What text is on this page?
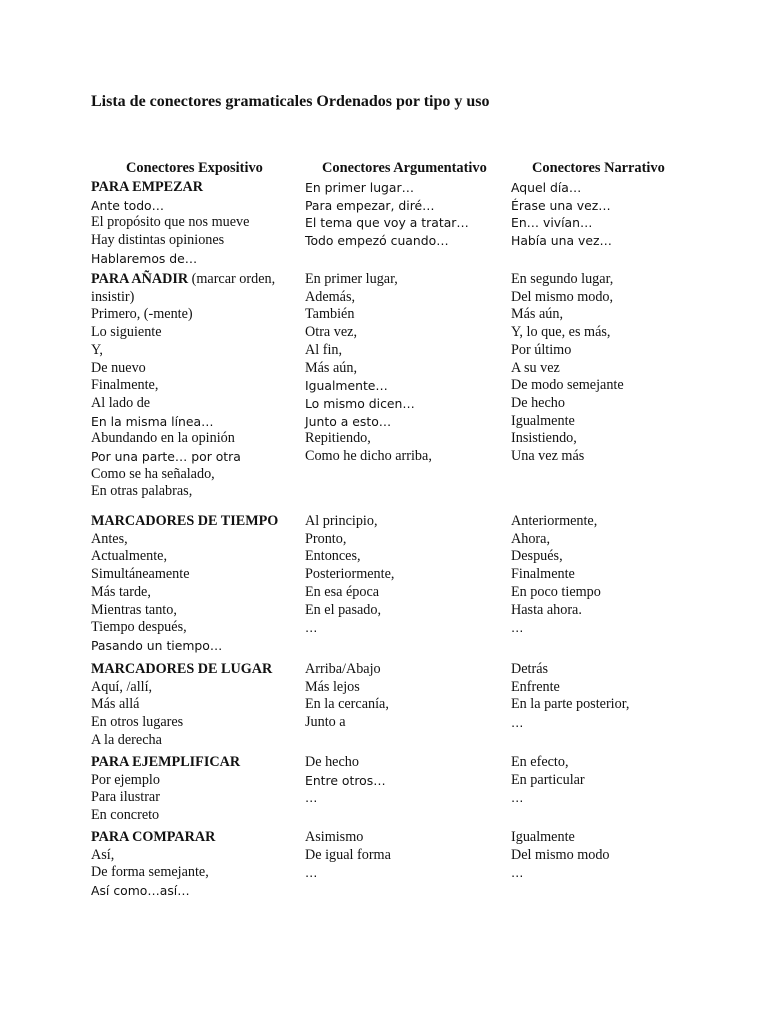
Lista de conectores gramaticales Ordenados por tipo y uso
Conectores Expositivo	Conectores Argumentativo	Conectores Narrativo
PARA EMPEZAR
Ante todo…
El propósito que nos mueve
Hay distintas opiniones
Hablaremos de…
En primer lugar…
Para empezar, diré…
El tema que voy a tratar…
Todo empezó cuando…
Aquel día…
Érase una vez…
En… vivían…
Había una vez…
PARA AÑADIR (marcar orden, insistir)
Primero, (-mente)
Lo siguiente
Y,
De nuevo
Finalmente,
Al lado de
En la misma línea…
Abundando en la opinión
Por una parte… por otra
Como se ha señalado,
En otras palabras,
En primer lugar,
Además,
También
Otra vez,
Al fin,
Más aún,
Igualmente…
Lo mismo dicen…
Junto a esto…
Repitiendo,
Como he dicho arriba,
En segundo lugar,
Del mismo modo,
Más aún,
Y, lo que, es más,
Por último
A su vez
De modo semejante
De hecho
Igualmente
Insistiendo,
Una vez más
MARCADORES DE TIEMPO
Antes,
Actualmente,
Simultáneamente
Más tarde,
Mientras tanto,
Tiempo después,
Pasando un tiempo…
Al principio,
Pronto,
Entonces,
Posteriormente,
En esa época
En el pasado,
…
Anteriormente,
Ahora,
Después,
Finalmente
En poco tiempo
Hasta ahora.
…
MARCADORES DE LUGAR
Aquí, /allí,
Más allá
En otros lugares
A la derecha
Arriba/Abajo
Más lejos
En la cercanía,
Junto a
Detrás
Enfrente
En la parte posterior,
…
PARA EJEMPLIFICAR
Por ejemplo
Para ilustrar
En concreto
De hecho
Entre otros…
…
En efecto,
En particular
…
PARA COMPARAR
Así,
De forma semejante,
Así como…así…
Asimismo
De igual forma
…
Igualmente
Del mismo modo
…
